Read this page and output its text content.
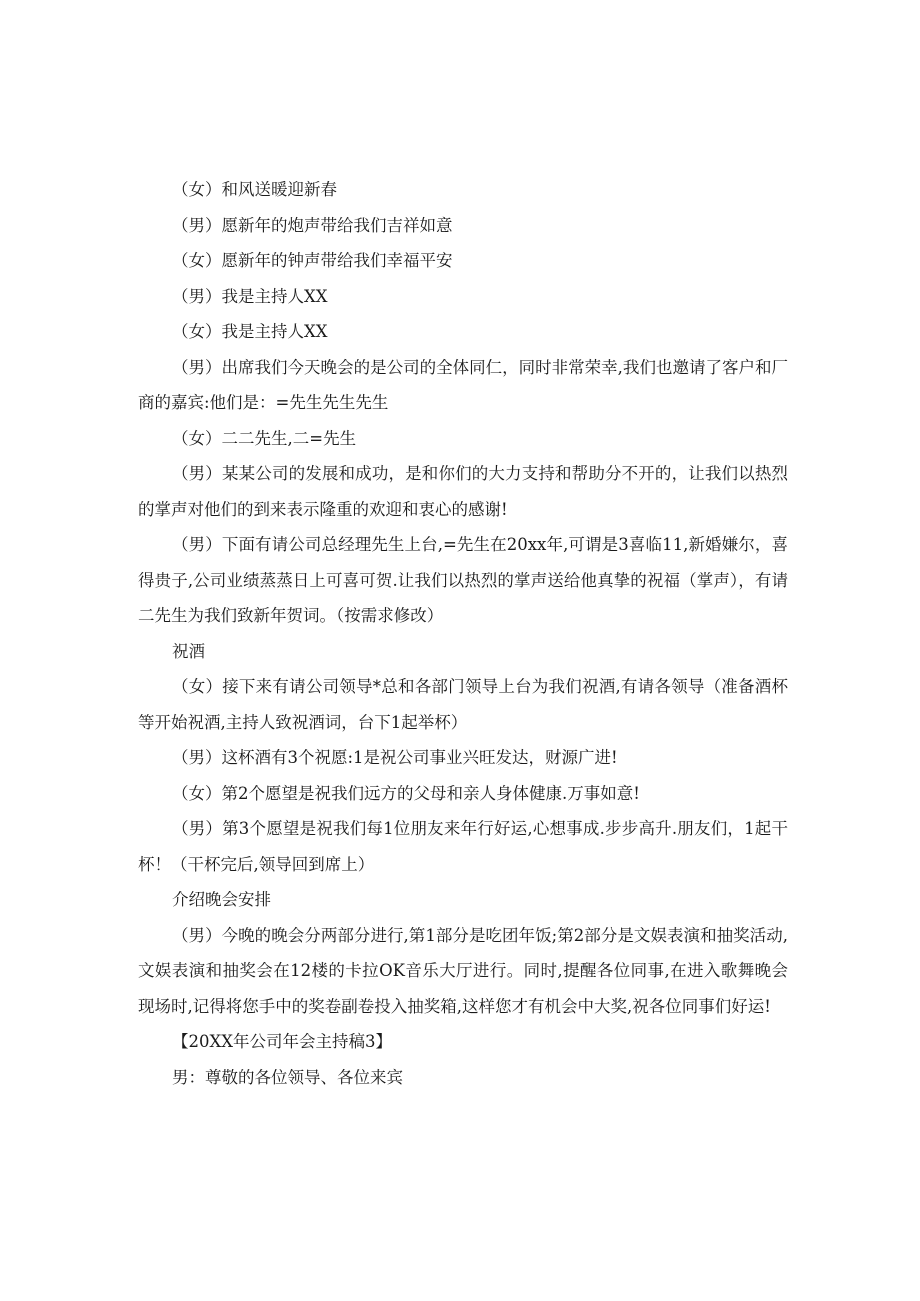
（女）和风送暖迎新春

（男）愿新年的炮声带给我们吉祥如意

（女）愿新年的钟声带给我们幸福平安

（男）我是主持人XX

（女）我是主持人XX

（男）出席我们今天晚会的是公司的全体同仁，同时非常荣幸,我们也邀请了客户和厂商的嘉宾:他们是：=先生先生先生

（女）二二先生,二=先生

（男）某某公司的发展和成功，是和你们的大力支持和帮助分不开的，让我们以热烈的掌声对他们的到来表示隆重的欢迎和衷心的感谢!

（男）下面有请公司总经理先生上台,=先生在20xx年,可谓是3喜临11,新婚嫌尔，喜得贵子,公司业绩蒸蒸日上可喜可贺.让我们以热烈的掌声送给他真挚的祝福（掌声），有请二先生为我们致新年贺词。（按需求修改）

祝酒

（女）接下来有请公司领导*总和各部门领导上台为我们祝酒,有请各领导（准备酒杯等开始祝酒,主持人致祝酒词，台下1起举杯）

（男）这杯酒有3个祝愿:1是祝公司事业兴旺发达，财源广进!

（女）第2个愿望是祝我们远方的父母和亲人身体健康.万事如意!

（男）第3个愿望是祝我们每1位朋友来年行好运,心想事成.步步高升.朋友们，1起干杯！（干杯完后,领导回到席上）

介绍晚会安排

（男）今晚的晚会分两部分进行,第1部分是吃团年饭;第2部分是文娱表演和抽奖活动,文娱表演和抽奖会在12楼的卡拉OK音乐大厅进行。同时,提醒各位同事,在进入歌舞晚会现场时,记得将您手中的奖卷副卷投入抽奖箱,这样您才有机会中大奖,祝各位同事们好运!

【20XX年公司年会主持稿3】

男：尊敬的各位领导、各位来宾
